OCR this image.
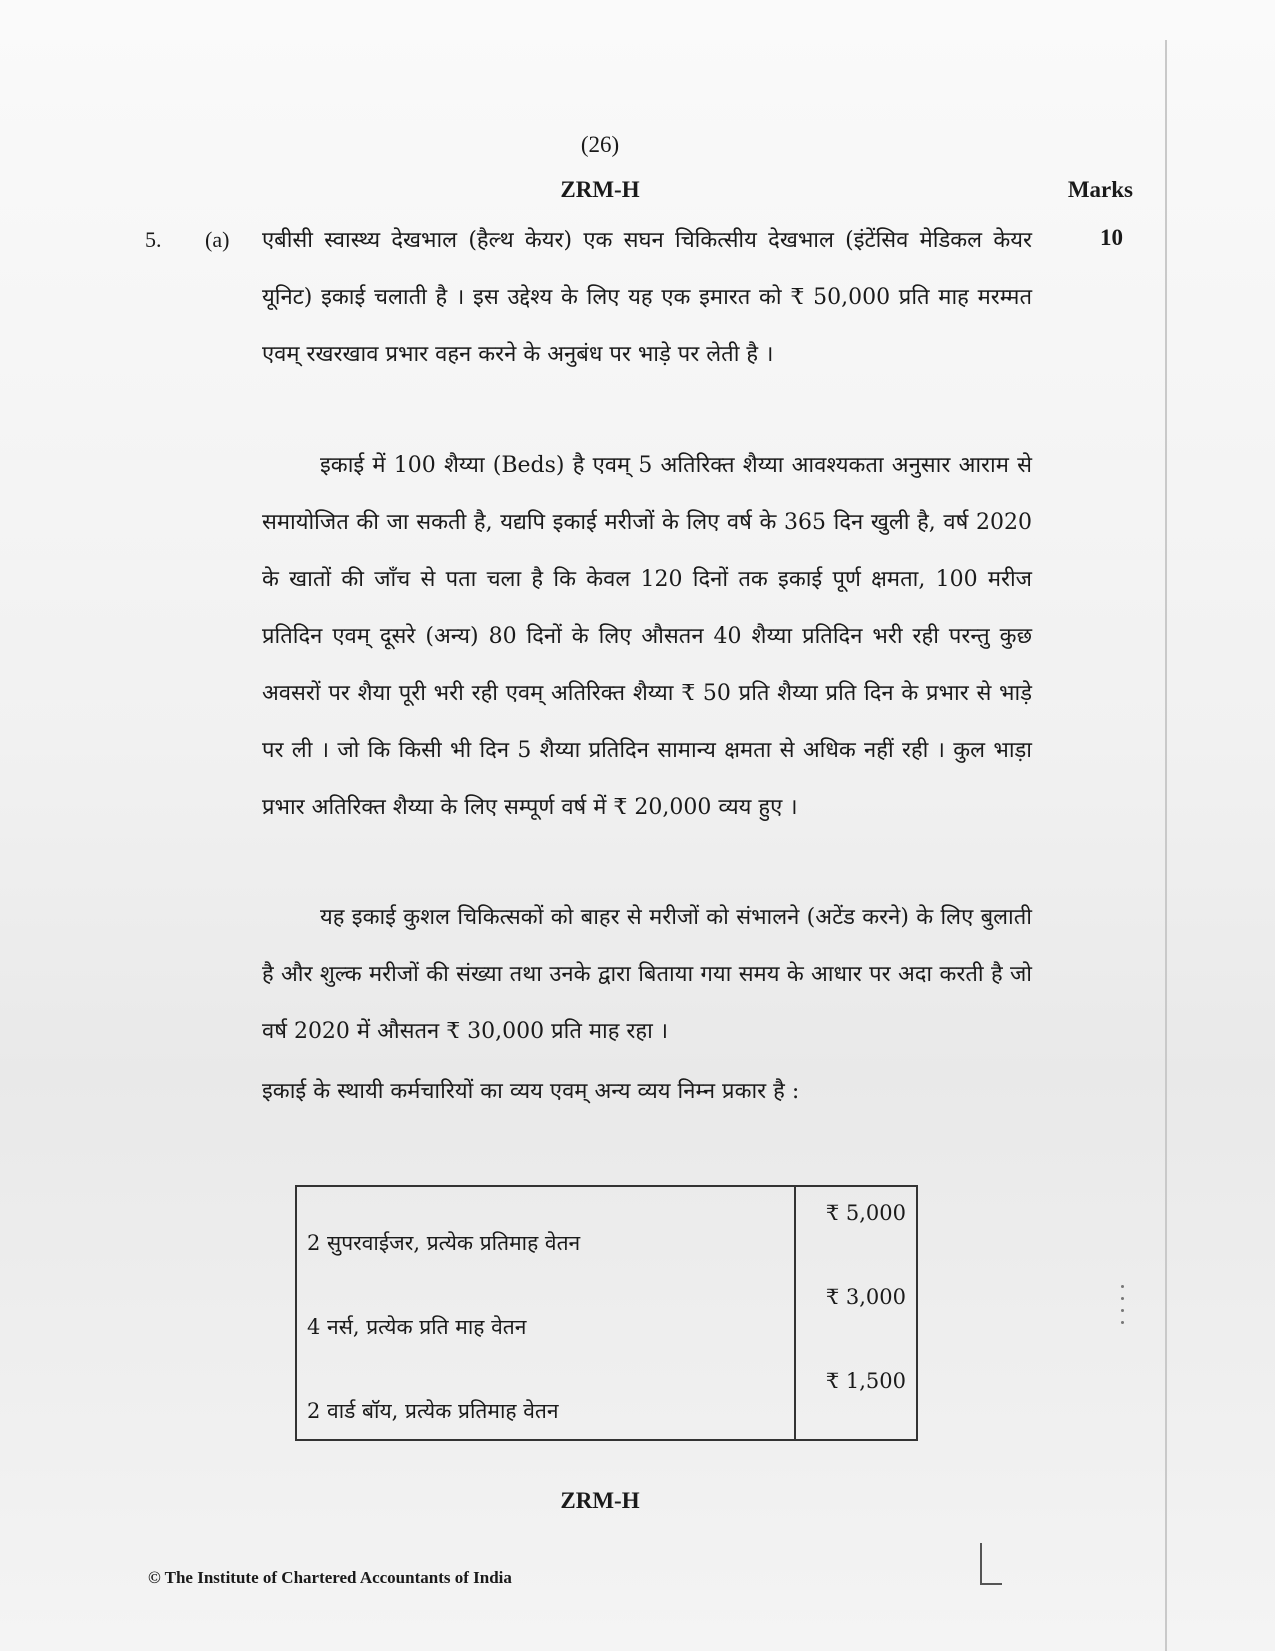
(26)
ZRM-H	Marks
5. (a)	10
एबीसी स्वास्थ्य देखभाल (हैल्थ केयर) एक सघन चिकित्सीय देखभाल (इंटेंसिव मेडिकल केयर यूनिट) इकाई चलाती है । इस उद्देश्य के लिए यह एक इमारत को ₹ 50,000 प्रति माह मरम्मत एवम् रखरखाव प्रभार वहन करने के अनुबंध पर भाड़े पर लेती है ।
इकाई में 100 शैय्या (Beds) है एवम् 5 अतिरिक्त शैय्या आवश्यकता अनुसार आराम से समायोजित की जा सकती है, यद्यपि इकाई मरीजों के लिए वर्ष के 365 दिन खुली है, वर्ष 2020 के खातों की जाँच से पता चला है कि केवल 120 दिनों तक इकाई पूर्ण क्षमता, 100 मरीज प्रतिदिन एवम् दूसरे (अन्य) 80 दिनों के लिए औसतन 40 शैय्या प्रतिदिन भरी रही परन्तु कुछ अवसरों पर शैया पूरी भरी रही एवम् अतिरिक्त शैय्या ₹ 50 प्रति शैय्या प्रति दिन के प्रभार से भाड़े पर ली । जो कि किसी भी दिन 5 शैय्या प्रतिदिन सामान्य क्षमता से अधिक नहीं रही । कुल भाड़ा प्रभार अतिरिक्त शैय्या के लिए सम्पूर्ण वर्ष में ₹ 20,000 व्यय हुए ।
यह इकाई कुशल चिकित्सकों को बाहर से मरीजों को संभालने (अटेंड करने) के लिए बुलाती है और शुल्क मरीजों की संख्या तथा उनके द्वारा बिताया गया समय के आधार पर अदा करती है जो वर्ष 2020 में औसतन ₹ 30,000 प्रति माह रहा ।
इकाई के स्थायी कर्मचारियों का व्यय एवम् अन्य व्यय निम्न प्रकार है :
2 सुपरवाईजर, प्रत्येक प्रतिमाह वेतन	₹ 5,000
4 नर्स, प्रत्येक प्रति माह वेतन	₹ 3,000
2 वार्ड बॉय, प्रत्येक प्रतिमाह वेतन	₹ 1,500
ZRM-H
© The Institute of Chartered Accountants of India
